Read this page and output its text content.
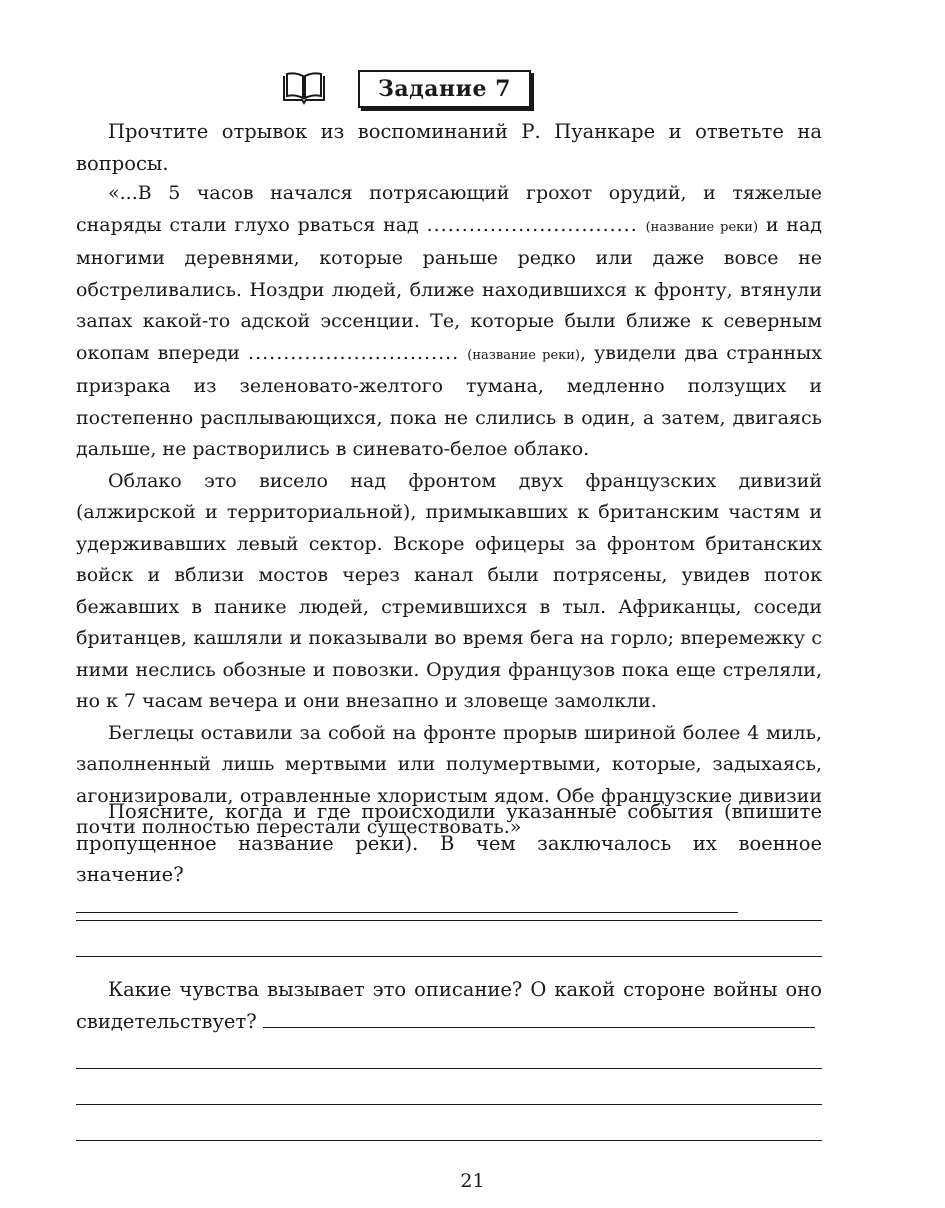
Задание 7

Прочтите отрывок из воспоминаний Р. Пуанкаре и ответьте на вопросы.

«...В 5 часов начался потрясающий грохот орудий, и тяжелые снаряды стали глухо рваться над .............................. (название реки) и над многими деревнями, которые раньше редко или даже вовсе не обстреливались. Ноздри людей, ближе находившихся к фронту, втянули запах какой-то адской эссенции. Те, которые были ближе к северным окопам впереди .............................. (название реки), увидели два странных призрака из зеленовато-желтого тумана, медленно ползущих и постепенно расплывающихся, пока не слились в один, а затем, двигаясь дальше, не растворились в синевато-белое облако.

Облако это висело над фронтом двух французских дивизий (алжирской и территориальной), примыкавших к британским частям и удерживавших левый сектор. Вскоре офицеры за фронтом британских войск и вблизи мостов через канал были потрясены, увидев поток бежавших в панике людей, стремившихся в тыл. Африканцы, соседи британцев, кашляли и показывали во время бега на горло; вперемежку с ними неслись обозные и повозки. Орудия французов пока еще стреляли, но к 7 часам вечера и они внезапно и зловеще замолкли.

Беглецы оставили за собой на фронте прорыв шириной более 4 миль, заполненный лишь мертвыми или полумертвыми, которые, задыхаясь, агонизировали, отравленные хлористым ядом. Обе французские дивизии почти полностью перестали существовать.»

Поясните, когда и где происходили указанные события (впишите пропущенное название реки). В чем заключалось их военное значение?

Какие чувства вызывает это описание? О какой стороне войны оно свидетельствует?

21
